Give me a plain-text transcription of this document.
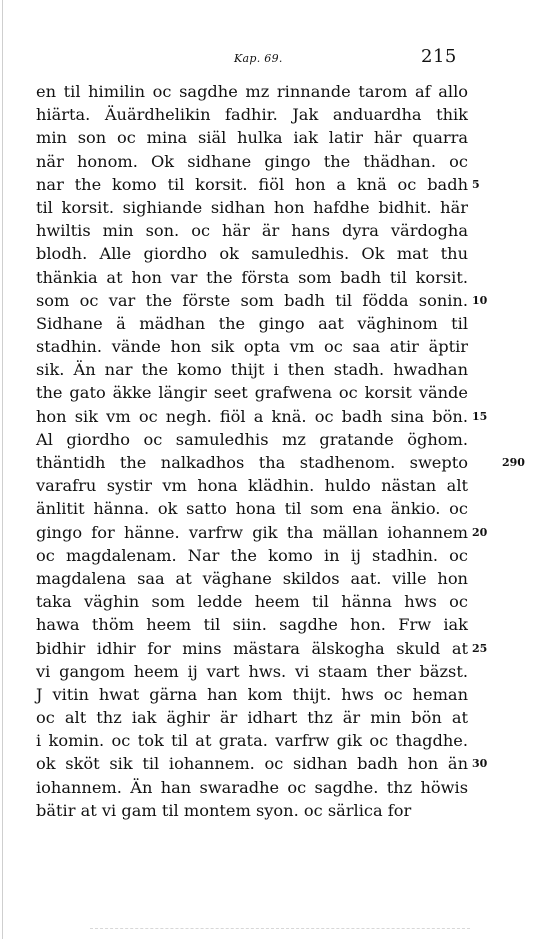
Kap. 69.	215
en til himilin oc sagdhe mz rinnande tarom af allo
hiärta. Äuärdhelikin fadhir. Jak anduardha thik
min son oc mina siäl hulka iak latir här quarra
när honom. Ok sidhane gingo the thädhan. oc
nar the komo til korsit. fiöl hon a knä oc badh 5
til korsit. sighiande sidhan hon hafdhe bidhit. här
hwiltis min son. oc här är hans dyra värdogha
blodh. Alle giordho ok samuledhis. Ok mat thu
thänkia at hon var the första som badh til korsit.
som oc var the förste som badh til födda sonin. 10
Sidhane ä mädhan the gingo aat väghinom til
stadhin. vände hon sik opta vm oc saa atir äptir
sik. Än nar the komo thijt i then stadh. hwadhan
the gato äkke längir seet grafwena oc korsit vände
hon sik vm oc negh. fiöl a knä. oc badh sina bön. 15
Al giordho oc samuledhis mz gratande öghom.
thäntidh the nalkadhos tha stadhenom. swepto	290
varafru systir vm hona klädhin. huldo nästan alt
änlitit hänna. ok satto hona til som ena änkio. oc
gingo for hänne. varfrw gik tha mällan iohannem 20
oc magdalenam. Nar the komo in ij stadhin. oc
magdalena saa at väghane skildos aat. ville hon
taka väghin som ledde heem til hänna hws oc
hawa thöm heem til siin. sagdhe hon. Frw iak
bidhir idhir for mins mästara älskogha skuld at 25
vi gangom heem ij vart hws. vi staam ther bäzst.
J vitin hwat gärna han kom thijt. hws oc heman
oc alt thz iak äghir är idhart thz är min bön at
i komin. oc tok til at grata. varfrw gik oc thagdhe.
ok sköt sik til iohannem. oc sidhan badh hon än 30
iohannem. Än han swaradhe oc sagdhe. thz höwis
bätir at vi gam til montem syon. oc särlica for
